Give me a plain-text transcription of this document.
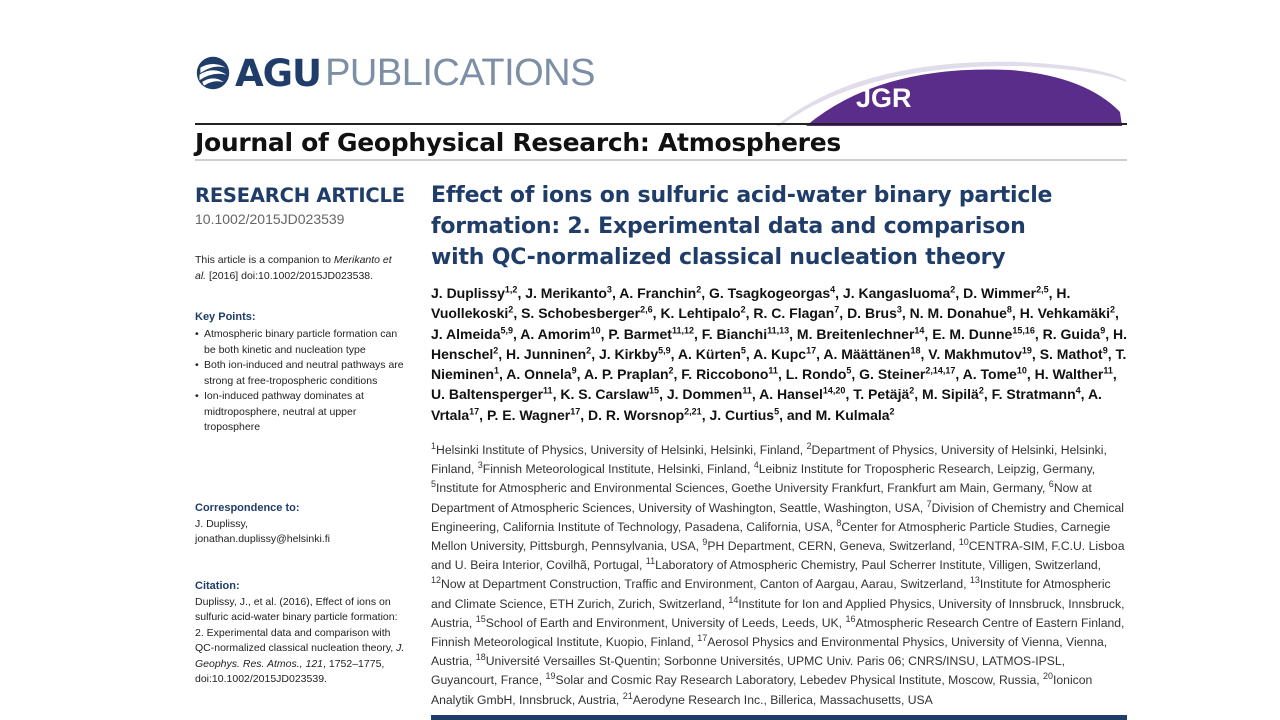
AGU PUBLICATIONS
JGR
Journal of Geophysical Research: Atmospheres
RESEARCH ARTICLE
10.1002/2015JD023539
This article is a companion to Merikanto et al. [2016] doi:10.1002/2015JD023538.
Key Points:
• Atmospheric binary particle formation can be both kinetic and nucleation type
• Both ion-induced and neutral pathways are strong at free-tropospheric conditions
• Ion-induced pathway dominates at midtroposphere, neutral at upper troposphere
Correspondence to:
J. Duplissy,
jonathan.duplissy@helsinki.fi
Citation:
Duplissy, J., et al. (2016), Effect of ions on sulfuric acid-water binary particle formation: 2. Experimental data and comparison with QC-normalized classical nucleation theory, J. Geophys. Res. Atmos., 121, 1752–1775, doi:10.1002/2015JD023539.
Effect of ions on sulfuric acid-water binary particle
formation: 2. Experimental data and comparison
with QC-normalized classical nucleation theory
J. Duplissy$^{1,2}$, J. Merikanto$^3$, A. Franchin$^2$, G. Tsagkogeorgas$^4$, J. Kangasluoma$^2$, D. Wimmer$^{2,5}$, H. Vuollekoski$^2$, S. Schobesberger$^{2,6}$, K. Lehtipalo$^2$, R. C. Flagan$^7$, D. Brus$^3$, N. M. Donahue$^8$, H. Vehkamäki$^2$, J. Almeida$^{5,9}$, A. Amorim$^{10}$, P. Barmet$^{11,12}$, F. Bianchi$^{11,13}$, M. Breitenlechner$^{14}$, E. M. Dunne$^{15,16}$, R. Guida$^9$, H. Henschel$^2$, H. Junninen$^2$, J. Kirkby$^{5,9}$, A. Kürten$^5$, A. Kupc$^{17}$, A. Määttänen$^{18}$, V. Makhmutov$^{19}$, S. Mathot$^9$, T. Nieminen$^1$, A. Onnela$^9$, A. P. Praplan$^2$, F. Riccobono$^{11}$, L. Rondo$^5$, G. Steiner$^{2,14,17}$, A. Tome$^{10}$, H. Walther$^{11}$, U. Baltensperger$^{11}$, K. S. Carslaw$^{15}$, J. Dommen$^{11}$, A. Hansel$^{14,20}$, T. Petäjä$^2$, M. Sipilä$^2$, F. Stratmann$^4$, A. Vrtala$^{17}$, P. E. Wagner$^{17}$, D. R. Worsnop$^{2,21}$, J. Curtius$^5$, and M. Kulmala$^2$
$^1$Helsinki Institute of Physics, University of Helsinki, Helsinki, Finland, $^2$Department of Physics, University of Helsinki, Helsinki, Finland, $^3$Finnish Meteorological Institute, Helsinki, Finland, $^4$Leibniz Institute for Tropospheric Research, Leipzig, Germany, $^5$Institute for Atmospheric and Environmental Sciences, Goethe University Frankfurt, Frankfurt am Main, Germany, $^6$Now at Department of Atmospheric Sciences, University of Washington, Seattle, Washington, USA, $^7$Division of Chemistry and Chemical Engineering, California Institute of Technology, Pasadena, California, USA, $^8$Center for Atmospheric Particle Studies, Carnegie Mellon University, Pittsburgh, Pennsylvania, USA, $^9$PH Department, CERN, Geneva, Switzerland, $^{10}$CENTRA-SIM, F.C.U. Lisboa and U. Beira Interior, Covilhã, Portugal, $^{11}$Laboratory of Atmospheric Chemistry, Paul Scherrer Institute, Villigen, Switzerland, $^{12}$Now at Department Construction, Traffic and Environment, Canton of Aargau, Aarau, Switzerland, $^{13}$Institute for Atmospheric and Climate Science, ETH Zurich, Zurich, Switzerland, $^{14}$Institute for Ion and Applied Physics, University of Innsbruck, Innsbruck, Austria, $^{15}$School of Earth and Environment, University of Leeds, Leeds, UK, $^{16}$Atmospheric Research Centre of Eastern Finland, Finnish Meteorological Institute, Kuopio, Finland, $^{17}$Aerosol Physics and Environmental Physics, University of Vienna, Vienna, Austria, $^{18}$Université Versailles St-Quentin; Sorbonne Universités, UPMC Univ. Paris 06; CNRS/INSU, LATMOS-IPSL, Guyancourt, France, $^{19}$Solar and Cosmic Ray Research Laboratory, Lebedev Physical Institute, Moscow, Russia, $^{20}$Ionicon Analytik GmbH, Innsbruck, Austria, $^{21}$Aerodyne Research Inc., Billerica, Massachusetts, USA
